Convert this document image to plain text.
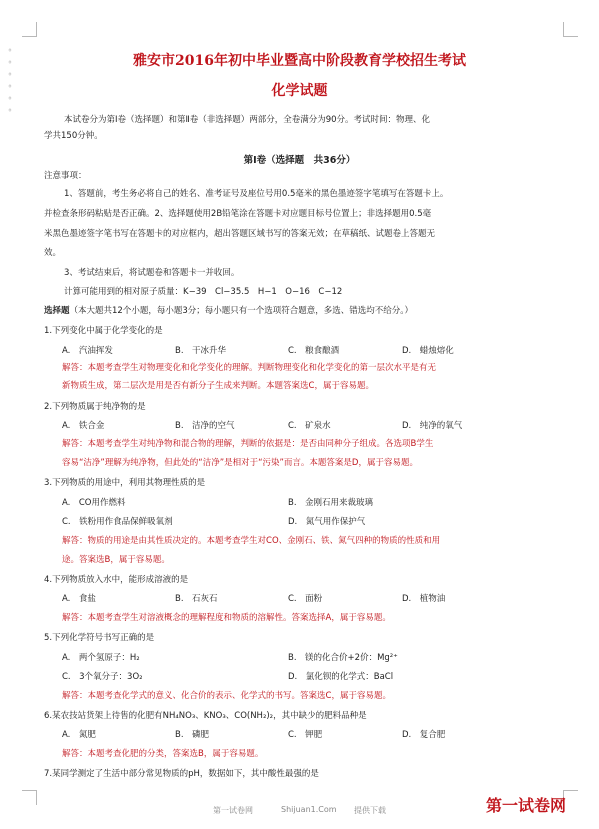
◦ ◦ ◦ ◦ ◦ ◦
雅安市2016年初中毕业暨高中阶段教育学校招生考试
化学试题
本试卷分为第Ⅰ卷（选择题）和第Ⅱ卷（非选择题）两部分，全卷满分为90分。考试时间：物理、化
学共150分钟。
第Ⅰ卷（选择题　共36分）
注意事项：
1、答题前，考生务必将自己的姓名、准考证号及座位号用0.5毫米的黑色墨迹签字笔填写在答题卡上。
并检查条形码粘贴是否正确。2、选择题使用2B铅笔涂在答题卡对应题目标号位置上；非选择题用0.5毫
米黑色墨迹签字笔书写在答题卡的对应框内，超出答题区域书写的答案无效；在草稿纸、试题卷上答题无
效。
3、考试结束后，将试题卷和答题卡一并收回。
计算可能用到的相对原子质量：K−39　Cl−35.5　H−1　O−16　C−12
选择题（本大题共12个小题，每小题3分；每小题只有一个选项符合题意，多选、错选均不给分。）
1.下列变化中属于化学变化的是
A.　汽油挥发	B.　干冰升华	C.　粮食酿酒	D.　蜡烛熔化
解答：本题考查学生对物理变化和化学变化的理解。判断物理变化和化学变化的第一层次水平是有无
新物质生成，第二层次是用是否有新分子生成来判断。本题答案选C，属于容易题。
2.下列物质属于纯净物的是
A.　铁合金	B.　洁净的空气	C.　矿泉水	D.　纯净的氧气
解答：本题考查学生对纯净物和混合物的理解，判断的依据是：是否由同种分子组成。各选项B学生
容易“洁净”理解为纯净物，但此处的“洁净”是相对于“污染”而言。本题答案是D，属于容易题。
3.下列物质的用途中，利用其物理性质的是
A.　CO用作燃料	B.　金刚石用来裁玻璃
C.　铁粉用作食品保鲜吸氧剂	D.　氮气用作保护气
解答：物质的用途是由其性质决定的。本题考查学生对CO、金刚石、铁、氮气四种的物质的性质和用
途。答案选B，属于容易题。
4.下列物质放入水中，能形成溶液的是
A.　食盐	B.　石灰石	C.　面粉	D.　植物油
解答：本题考查学生对溶液概念的理解程度和物质的溶解性。答案选择A，属于容易题。
5.下列化学符号书写正确的是
A.　两个氢原子：H₂	B.　镁的化合价+2价：Mg²⁺
C.　3个氧分子：3O₂	D.　氯化钡的化学式：BaCl
解答：本题考查化学式的意义、化合价的表示、化学式的书写。答案选C，属于容易题。
6.某农技站货架上待售的化肥有NH₄NO₃、KNO₃、CO(NH₂)₂，其中缺少的肥料品种是
A.　氮肥	B.　磷肥	C.　钾肥	D.　复合肥
解答：本题考查化肥的分类，答案选B，属于容易题。
7.某同学测定了生活中部分常见物质的pH，数据如下，其中酸性最强的是
第一试卷网	Shijuan1.Com 提供下载	第一试卷网
